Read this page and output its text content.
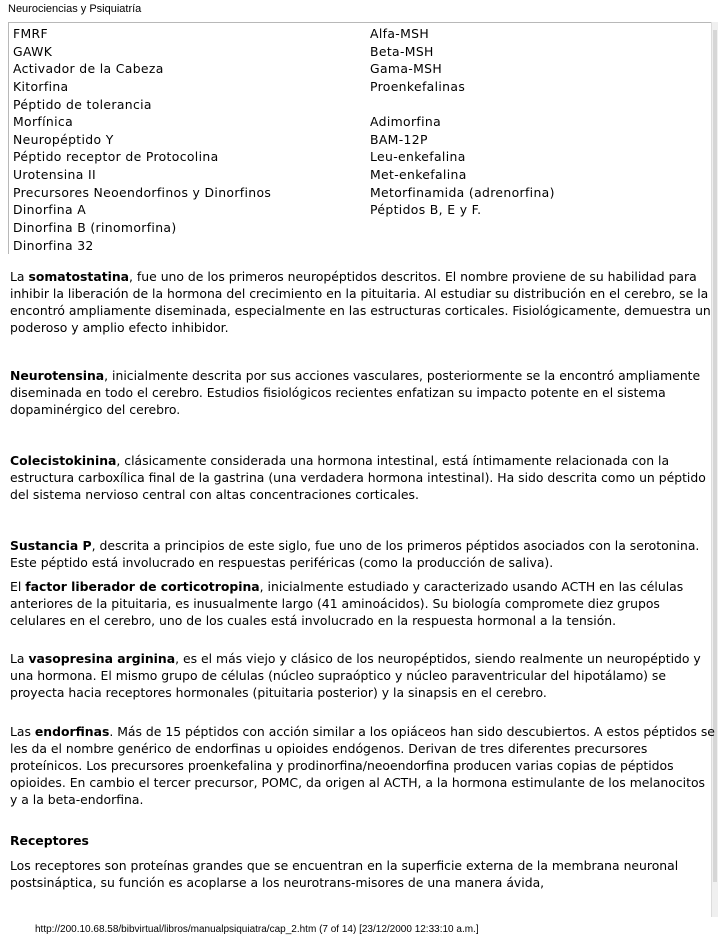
Neurociencias y Psiquiatría
FMRF	Alfa-MSH
GAWK	Beta-MSH
Activador de la Cabeza	Gama-MSH
Kitorfina	Proenkefalinas
Péptido de tolerancia
Morfínica	Adimorfina
Neuropéptido Y	BAM-12P
Péptido receptor de Protocolina	Leu-enkefalina
Urotensina II	Met-enkefalina
Precursores Neoendorfinos y Dinorfinos	Metorfinamida (adrenorfina)
Dinorfina A	Péptidos B, E y F.
Dinorfina B (rinomorfina)
Dinorfina 32

La somatostatina, fue uno de los primeros neuropéptidos descritos. El nombre proviene de su habilidad para inhibir la liberación de la hormona del crecimiento en la pituitaria. Al estudiar su distribución en el cerebro, se la encontró ampliamente diseminada, especialmente en las estructuras corticales. Fisiológicamente, demuestra un poderoso y amplio efecto inhibidor.

Neurotensina, inicialmente descrita por sus acciones vasculares, posteriormente se la encontró ampliamente diseminada en todo el cerebro. Estudios fisiológicos recientes enfatizan su impacto potente en el sistema dopaminérgico del cerebro.

Colecistokinina, clásicamente considerada una hormona intestinal, está íntimamente relacionada con la estructura carboxílica final de la gastrina (una verdadera hormona intestinal). Ha sido descrita como un péptido del sistema nervioso central con altas concentraciones corticales.

Sustancia P, descrita a principios de este siglo, fue uno de los primeros péptidos asociados con la serotonina. Este péptido está involucrado en respuestas periféricas (como la producción de saliva).

El factor liberador de corticotropina, inicialmente estudiado y caracterizado usando ACTH en las células anteriores de la pituitaria, es inusualmente largo (41 aminoácidos). Su biología compromete diez grupos celulares en el cerebro, uno de los cuales está involucrado en la respuesta hormonal a la tensión.

La vasopresina arginina, es el más viejo y clásico de los neuropéptidos, siendo realmente un neuropéptido y una hormona. El mismo grupo de células (núcleo supraóptico y núcleo paraventricular del hipotálamo) se proyecta hacia receptores hormonales (pituitaria posterior) y la sinapsis en el cerebro.

Las endorfinas. Más de 15 péptidos con acción similar a los opiáceos han sido descubiertos. A estos péptidos se les da el nombre genérico de endorfinas u opioides endógenos. Derivan de tres diferentes precursores proteínicos. Los precursores proenkefalina y prodinorfina/neoendorfina producen varias copias de péptidos opioides. En cambio el tercer precursor, POMC, da origen al ACTH, a la hormona estimulante de los melanocitos y a la beta-endorfina.

Receptores

Los receptores son proteínas grandes que se encuentran en la superficie externa de la membrana neuronal postsináptica, su función es acoplarse a los neurotrans-misores de una manera ávida,

http://200.10.68.58/bibvirtual/libros/manualpsiquiatra/cap_2.htm (7 of 14) [23/12/2000 12:33:10 a.m.]
